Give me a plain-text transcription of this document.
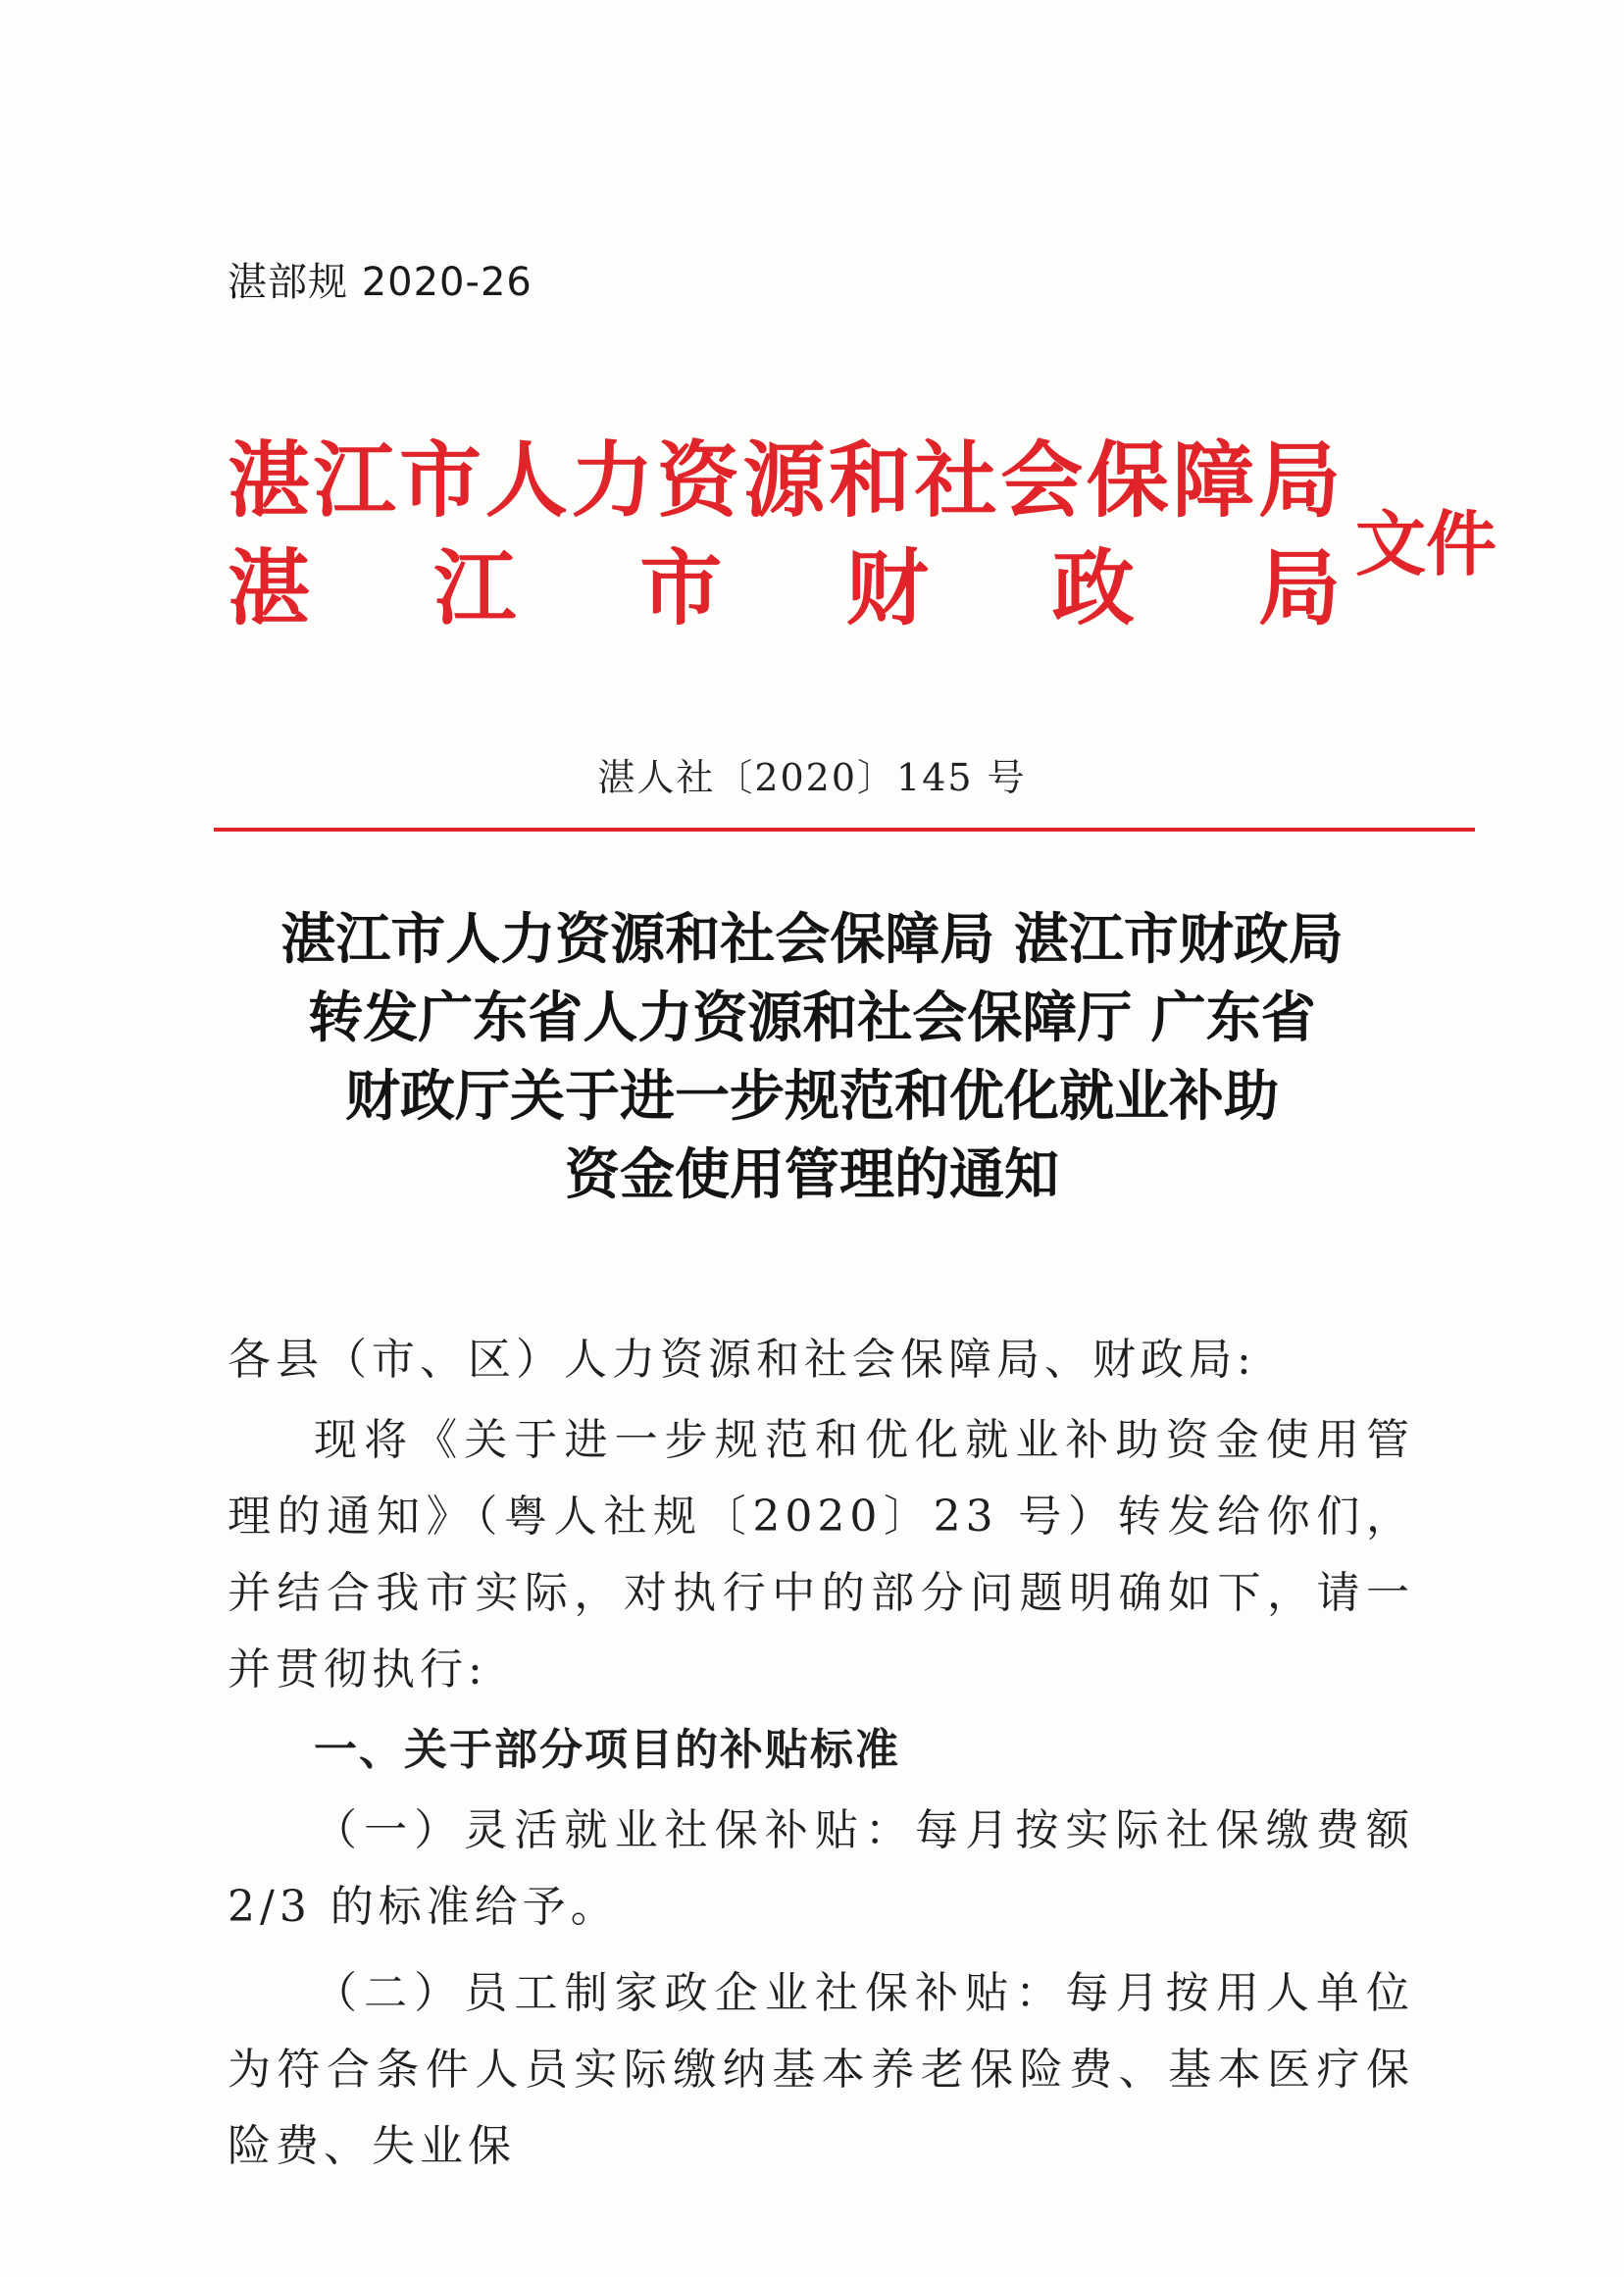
湛部规 2020-26
湛 江 市 人 力 资 源 和 社 会 保 障 局
湛 江 市 财 政 局 文件
湛人社〔2020〕145 号
湛江市人力资源和社会保障局 湛江市财政局
转发广东省人力资源和社会保障厅 广东省
财政厅关于进一步规范和优化就业补助
资金使用管理的通知

各县（市、区）人力资源和社会保障局、财政局:

现将《关于进一步规范和优化就业补助资金使用管理的通知》（粤人社规〔2020〕23 号）转发给你们，并结合我市实际，对执行中的部分问题明确如下，请一并贯彻执行:

一、关于部分项目的补贴标准

（一）灵活就业社保补贴：每月按实际社保缴费额 2/3 的标准给予。

（二）员工制家政企业社保补贴：每月按用人单位为符合条件人员实际缴纳基本养老保险费、基本医疗保险费、失业保
